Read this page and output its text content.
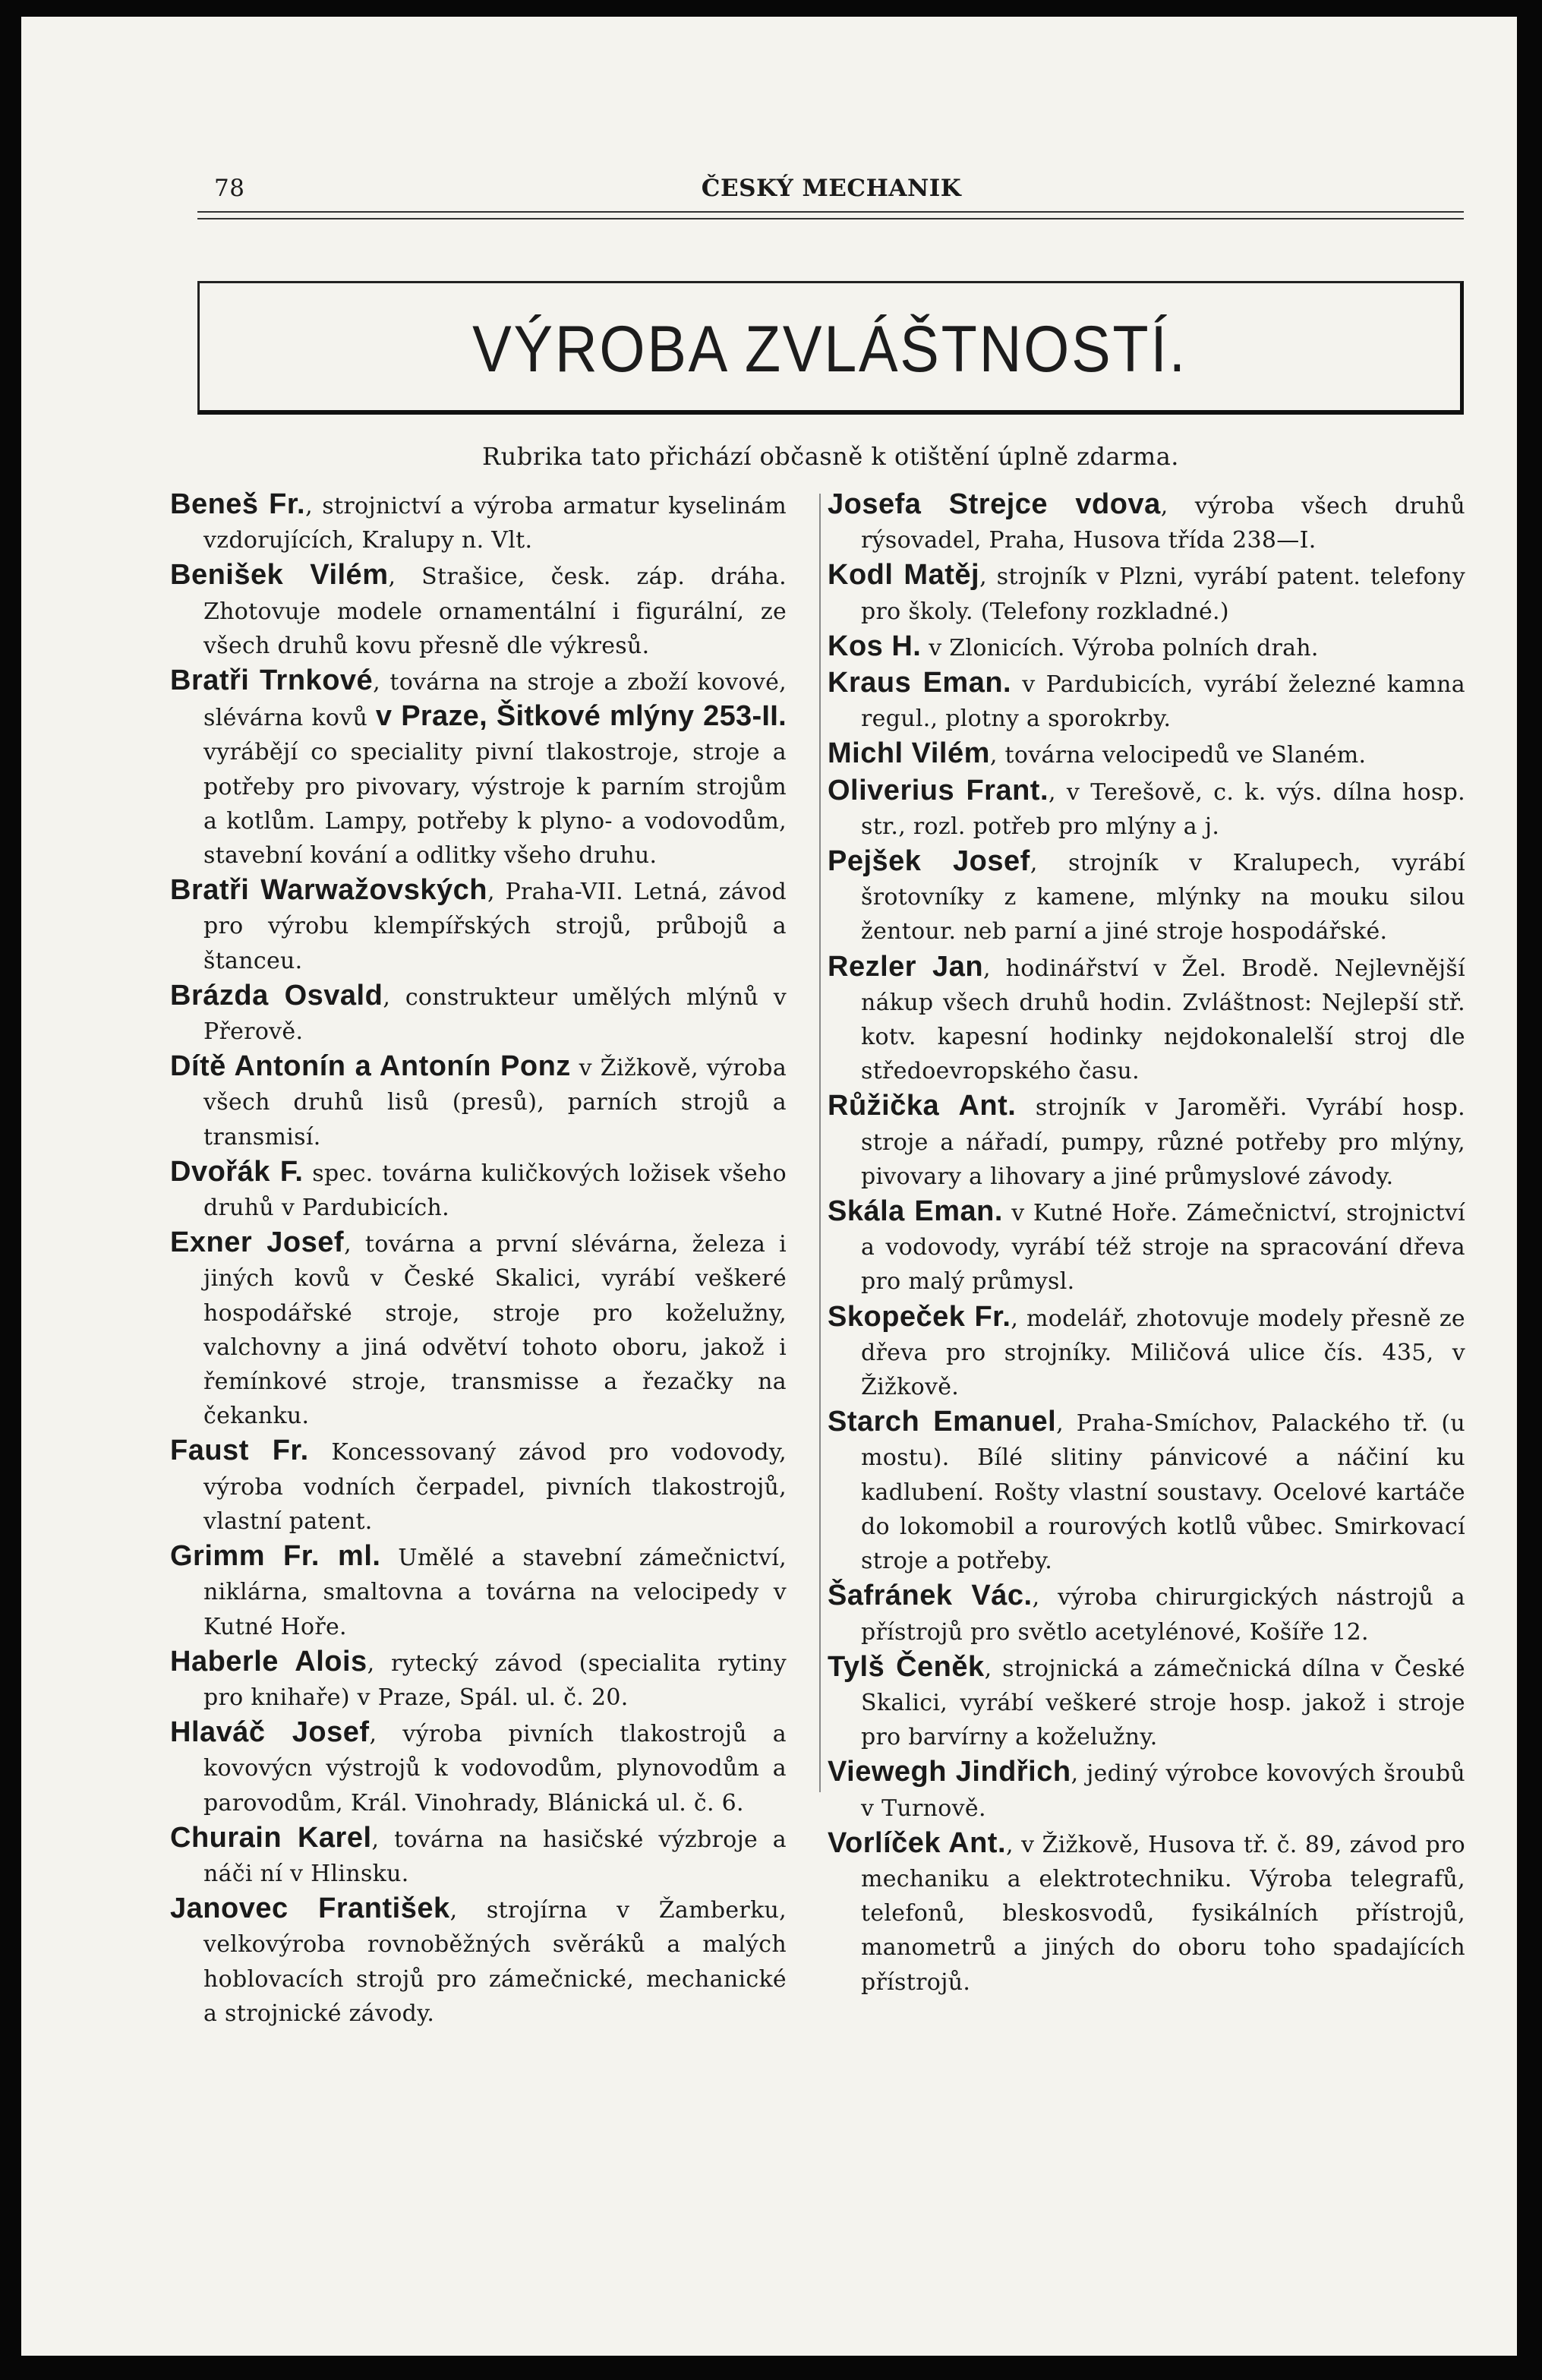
78	ČESKÝ MECHANIK
VÝROBA ZVLÁŠTNOSTÍ.
Rubrika tato přichází občasně k otištění úplně zdarma.

Beneš Fr., strojnictví a výroba armatur kyselinám vzdorujících, Kralupy n. Vlt.

Benišek Vilém, Strašice, česk. záp. dráha. Zhotovuje modele ornamentální i figurální, ze všech druhů kovu přesně dle výkresů.

Bratři Trnkové, továrna na stroje a zboží kovové, slévárna kovů v Praze, Šitkové mlýny 253-II. vyrábějí co speciality pivní tlakostroje, stroje a potřeby pro pivovary, výstroje k parním strojům a kotlům. Lampy, potřeby k plyno- a vodovodům, stavební kování a odlitky všeho druhu.

Bratři Warwažovských, Praha-VII. Letná, závod pro výrobu klempířských strojů, průbojů a štanceu.

Brázda Osvald, construkteur umělých mlýnů v Přerově.

Dítě Antonín a Antonín Ponz v Žižkově, výroba všech druhů lisů (presů), parních strojů a transmisí.

Dvořák F. spec. továrna kuličkových ložisek všeho druhů v Pardubicích.

Exner Josef, továrna a první slévárna, železa i jiných kovů v České Skalici, vyrábí veškeré hospodářské stroje, stroje pro koželužny, valchovny a jiná odvětví tohoto oboru, jakož i řemínkové stroje, transmisse a řezačky na čekanku.

Faust Fr. Koncessovaný závod pro vodovody, výroba vodních čerpadel, pivních tlakostrojů, vlastní patent.

Grimm Fr. ml. Umělé a stavební zámečnictví, niklárna, smaltovna a továrna na velocipedy v Kutné Hoře.

Haberle Alois, rytecký závod (specialita rytiny pro knihaře) v Praze, Spál. ul. č. 20.

Hlaváč Josef, výroba pivních tlakostrojů a kovovýcn výstrojů k vodovodům, plynovodům a parovodům, Král. Vinohrady, Blánická ul. č. 6.

Churain Karel, továrna na hasičské výzbroje a náči ní v Hlinsku.

Janovec František, strojírna v Žamberku, velkovýroba rovnoběžných svěráků a malých hoblovacích strojů pro zámečnické, mechanické a strojnické závody.

Josefa Strejce vdova, výroba všech druhů rýsovadel, Praha, Husova třída 238—I.

Kodl Matěj, strojník v Plzni, vyrábí patent. telefony pro školy. (Telefony rozkladné.)

Kos H. v Zlonicích. Výroba polních drah.

Kraus Eman. v Pardubicích, vyrábí železné kamna regul., plotny a sporokrby.

Michl Vilém, továrna velocipedů ve Slaném.

Oliverius Frant., v Terešově, c. k. výs. dílna hosp. str., rozl. potřeb pro mlýny a j.

Pejšek Josef, strojník v Kralupech, vyrábí šrotovníky z kamene, mlýnky na mouku silou žentour. neb parní a jiné stroje hospodářské.

Rezler Jan, hodinářství v Žel. Brodě. Nejlevnější nákup všech druhů hodin. Zvláštnost: Nejlepší stř. kotv. kapesní hodinky nejdokonalelší stroj dle středoevropského času.

Růžička Ant. strojník v Jaroměři. Vyrábí hosp. stroje a nářadí, pumpy, různé potřeby pro mlýny, pivovary a lihovary a jiné průmyslové závody.

Skála Eman. v Kutné Hoře. Zámečnictví, strojnictví a vodovody, vyrábí též stroje na spracování dřeva pro malý průmysl.

Skopeček Fr., modelář, zhotovuje modely přesně ze dřeva pro strojníky. Miličová ulice čís. 435, v Žižkově.

Starch Emanuel, Praha-Smíchov, Palackého tř. (u mostu). Bílé slitiny pánvicové a náčiní ku kadlubení. Rošty vlastní soustavy. Ocelové kartáče do lokomobil a rourových kotlů vůbec. Smirkovací stroje a potřeby.

Šafránek Vác., výroba chirurgických nástrojů a přístrojů pro světlo acetylénové, Košíře 12.

Tylš Čeněk, strojnická a zámečnická dílna v České Skalici, vyrábí veškeré stroje hosp. jakož i stroje pro barvírny a koželužny.

Viewegh Jindřich, jediný výrobce kovových šroubů v Turnově.

Vorlíček Ant., v Žižkově, Husova tř. č. 89, závod pro mechaniku a elektrotechniku. Výroba telegrafů, telefonů, bleskosvodů, fysikálních přístrojů, manometrů a jiných do oboru toho spadajících přístrojů.
